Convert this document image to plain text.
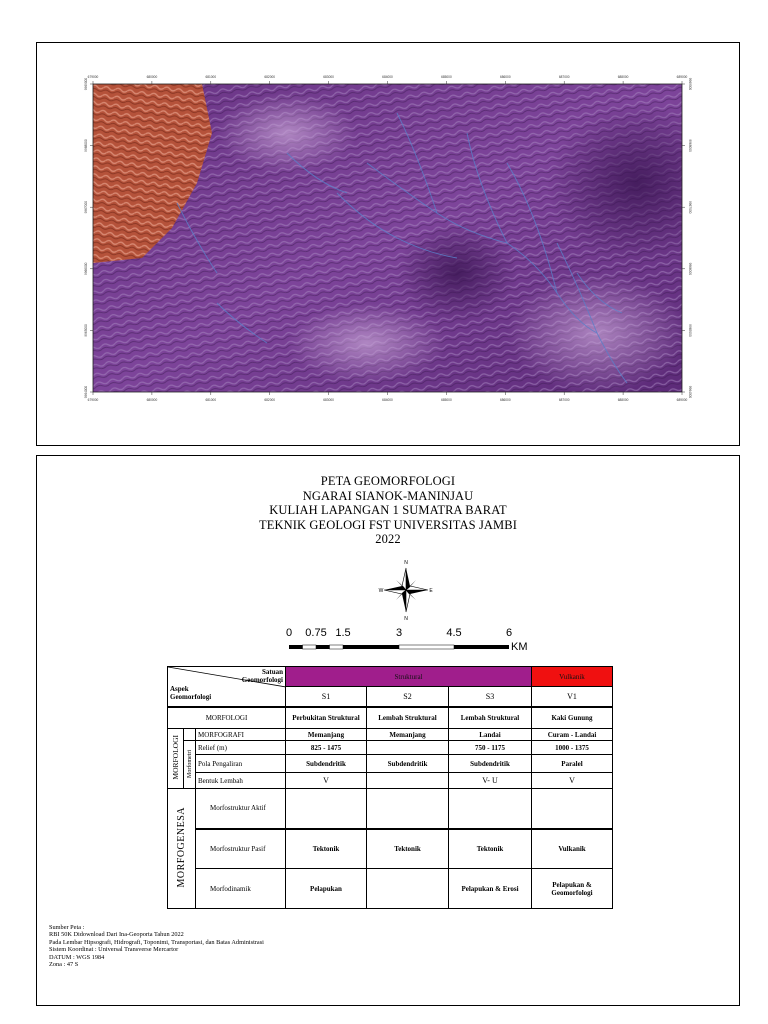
679000	680000	681000	682000	683000	684000	685000	686000	687000	688000	689000
679000	680000	681000	682000	683000	684000	685000	686000	687000	688000	689000
9969000
9968000
9967000
9966000
9965000
9964000
9969000
9968000
9967000
9966000
9965000
9964000
PETA GEOMORFOLOGI
NGARAI SIANOK-MANINJAU
KULIAH LAPANGAN 1 SUMATRA BARAT
TEKNIK GEOLOGI FST UNIVERSITAS JAMBI
2022
N
N
E
W
0 0.75 1.5	3	4.5	6
KM
Satuan Geomorfologi
Aspek Geomorfologi			Struktural			Vulkanik
			S1	S2	S3	V1
MORFOLOGI			Perbukitan Struktural	Lembah Struktural	Lembah Struktural	Kaki Gunung
MORFOLOGI		MORFOGRAFI	Memanjang	Memanjang	Landai	Curam - Landai
	Morfometri	Relief (m)	825 - 1475		750 - 1175	1000 - 1375
		Pola Pengaliran	Subdendritik	Subdendritik	Subdendritik	Paralel
		Bentuk Lembah	V		V- U	V
MORFOGENESA		Morfostruktur Aktif				
		Morfostruktur Pasif	Tektonik	Tektonik	Tektonik	Vulkanik
		Morfodinamik	Pelapukan		Pelapukan & Erosi	Pelapukan & Geomorfologi
Sumber Peta :
RBI 50K Didownload Dari Ina-Geoporta Tahun 2022
Pada Lembar Hipsografi, Hidrografi, Toponimi, Transportasi, dan Batas Administrasi
Sistem Koordinat : Universal Transverse Mercartor
DATUM : WGS 1984
Zona : 47 S
